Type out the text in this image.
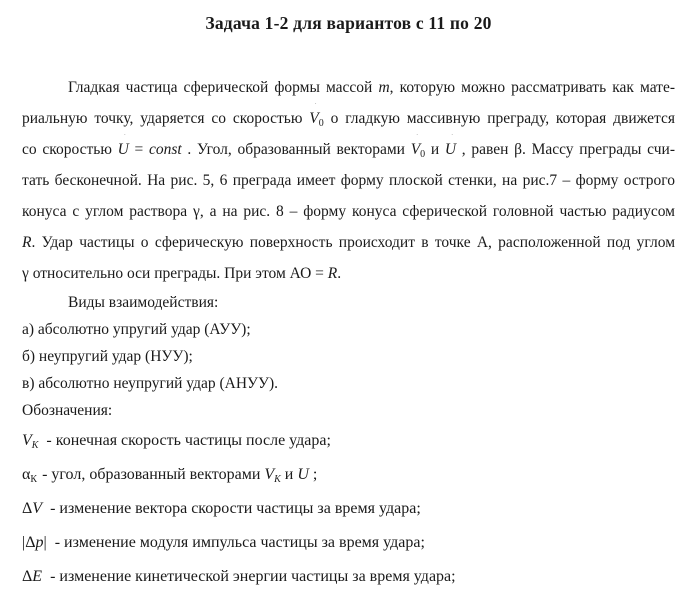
Задача 1-2 для вариантов с 11 по 20
Гладкая частица сферической формы массой m, которую можно рассматривать как мате-
риальную точку, ударяется со скоростью $V \to_0$ о гладкую массивную преграду, которая движется
со скоростью U → = const . Угол, образованный векторами $V \to_0$ и U → , равен β. Массу преграды счи-
тать бесконечной. На рис. 5, 6 преграда имеет форму плоской стенки, на рис.7 – форму острого
конуса с углом раствора γ, а на рис. 8 – форму конуса сферической головной частью радиусом
R. Удар частицы о сферическую поверхность происходит в точке А, расположенной под углом
γ относительно оси преграды. При этом АО = R.
Виды взаимодействия:
а) абсолютно упругий удар (АУУ);
б) неупругий удар (НУУ);
в) абсолютно неупругий удар (АНУУ).
Обозначения:
$V \to_К$ - конечная скорость частицы после удара;
$\alpha_К$ - угол, образованный векторами $V \to_К$ и U → ;
ΔV → - изменение вектора скорости частицы за время удара;
|Δp →| - изменение модуля импульса частицы за время удара;
ΔE - изменение кинетической энергии частицы за время удара;
